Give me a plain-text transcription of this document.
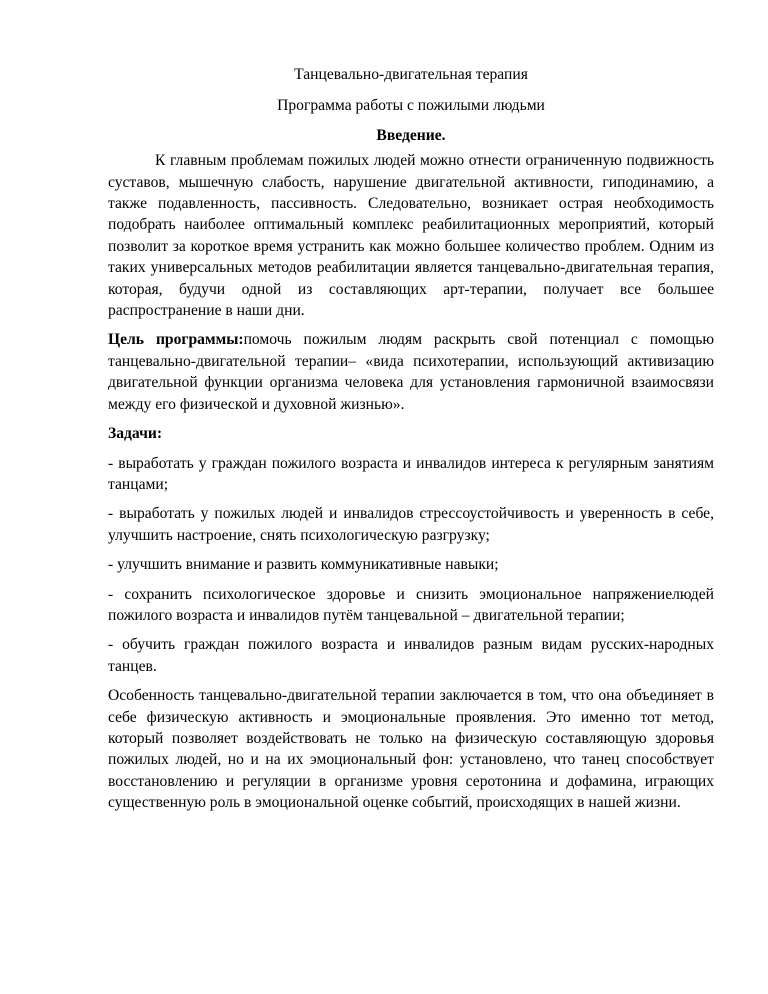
Танцевально-двигательная терапия

Программа работы с пожилыми людьми

Введение.

К главным проблемам пожилых людей можно отнести ограниченную подвижность суставов, мышечную слабость, нарушение двигательной активности, гиподинамию, а также подавленность, пассивность. Следовательно, возникает острая необходимость подобрать наиболее оптимальный комплекс реабилитационных мероприятий, который позволит за короткое время устранить как можно большее количество проблем. Одним из таких универсальных методов реабилитации является танцевально-двигательная терапия, которая, будучи одной из составляющих арт-терапии, получает все большее распространение в наши дни.

Цель программы:помочь пожилым людям раскрыть свой потенциал с помощью танцевально-двигательной терапии– «вида психотерапии, использующий активизацию двигательной функции организма человека для установления гармоничной взаимосвязи между его физической и духовной жизнью».

Задачи:

- выработать у граждан пожилого возраста и инвалидов интереса к регулярным занятиям танцами;

- выработать у пожилых людей и инвалидов стрессоустойчивость и уверенность в себе, улучшить настроение, снять психологическую разгрузку;

- улучшить внимание и развить коммуникативные навыки;

- сохранить психологическое здоровье и снизить эмоциональное напряжениелюдей пожилого возраста и инвалидов путём танцевальной – двигательной терапии;

- обучить граждан пожилого возраста и инвалидов разным видам русских-народных танцев.

Особенность танцевально-двигательной терапии заключается в том, что она объединяет в себе физическую активность и эмоциональные проявления. Это именно тот метод, который позволяет воздействовать не только на физическую составляющую здоровья пожилых людей, но и на их эмоциональный фон: установлено, что танец способствует восстановлению и регуляции в организме уровня серотонина и дофамина, играющих существенную роль в эмоциональной оценке событий, происходящих в нашей жизни.
